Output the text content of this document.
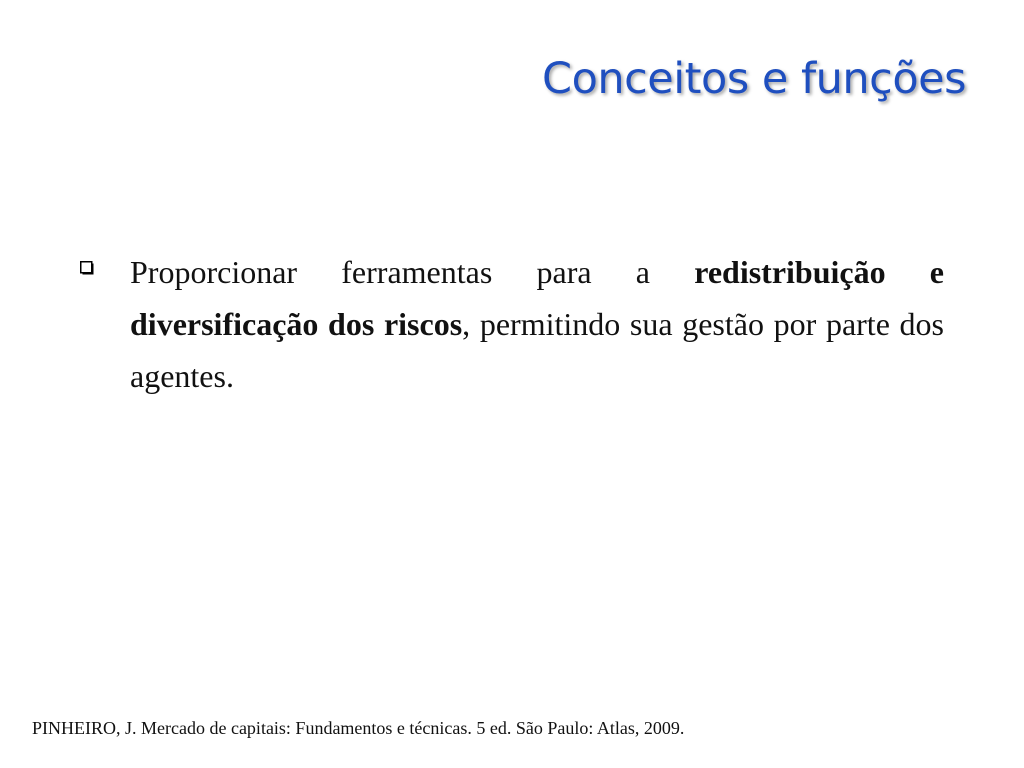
Conceitos e funções

Proporcionar ferramentas para a redistribuição e diversificação dos riscos, permitindo sua gestão por parte dos agentes.

PINHEIRO, J. Mercado de capitais: Fundamentos e técnicas. 5 ed. São Paulo: Atlas, 2009.
